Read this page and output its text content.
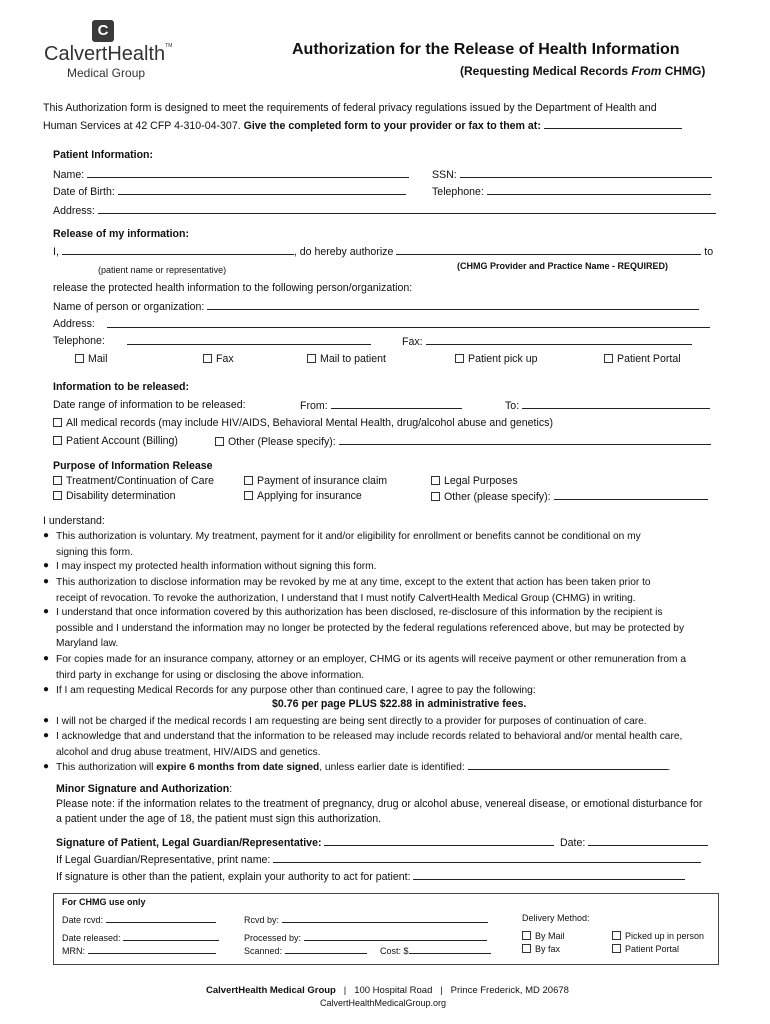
C
CalvertHealth™
Medical Group
Authorization for the Release of Health Information
(Requesting Medical Records From CHMG)
This Authorization form is designed to meet the requirements of federal privacy regulations issued by the Department of Health and
Human Services at 42 CFP 4-310-04-307. Give the completed form to your provider or fax to them at:
Patient Information:
Name:	SSN:
Date of Birth:	Telephone:
Address:
Release of my information:
I,	, do hereby authorize	to
(patient name or representative)	(CHMG Provider and Practice Name - REQUIRED)
release the protected health information to the following person/organization:
Name of person or organization:
Address:
Telephone:	Fax:
Mail	Fax	Mail to patient	Patient pick up	Patient Portal
Information to be released:
Date range of information to be released:	From:	To:
All medical records (may include HIV/AIDS, Behavioral Mental Health, drug/alcohol abuse and genetics)
Patient Account (Billing)	Other (Please specify):
Purpose of Information Release
Treatment/Continuation of Care	Payment of insurance claim	Legal Purposes
Disability determination	Applying for insurance	Other (please specify):
I understand:
● This authorization is voluntary. My treatment, payment for it and/or eligibility for enrollment or benefits cannot be conditional on my
signing this form.
● I may inspect my protected health information without signing this form.
● This authorization to disclose information may be revoked by me at any time, except to the extent that action has been taken prior to
receipt of revocation. To revoke the authorization, I understand that I must notify CalvertHealth Medical Group (CHMG) in writing.
● I understand that once information covered by this authorization has been disclosed, re-disclosure of this information by the recipient is
possible and I understand the information may no longer be protected by the federal regulations referenced above, but may be protected by
Maryland law.
● For copies made for an insurance company, attorney or an employer, CHMG or its agents will receive payment or other remuneration from a
third party in exchange for using or disclosing the above information.
● If I am requesting Medical Records for any purpose other than continued care, I agree to pay the following:
$0.76 per page PLUS $22.88 in administrative fees.
● I will not be charged if the medical records I am requesting are being sent directly to a provider for purposes of continuation of care.
● I acknowledge that and understand that the information to be released may include records related to behavioral and/or mental health care,
alcohol and drug abuse treatment, HIV/AIDS and genetics.
● This authorization will expire 6 months from date signed, unless earlier date is identified:	.
Minor Signature and Authorization:
Please note: if the information relates to the treatment of pregnancy, drug or alcohol abuse, venereal disease, or emotional disturbance for
a patient under the age of 18, the patient must sign this authorization.
Signature of Patient, Legal Guardian/Representative:	Date:
If Legal Guardian/Representative, print name:
If signature is other than the patient, explain your authority to act for patient:
For CHMG use only
Date rcvd:	Rcvd by:	Delivery Method:
Date released:	Processed by:	By Mail	Picked up in person
MRN:	Scanned:	Cost: $	By fax	Patient Portal
CalvertHealth Medical Group | 100 Hospital Road | Prince Frederick, MD 20678
CalvertHealthMedicalGroup.org
